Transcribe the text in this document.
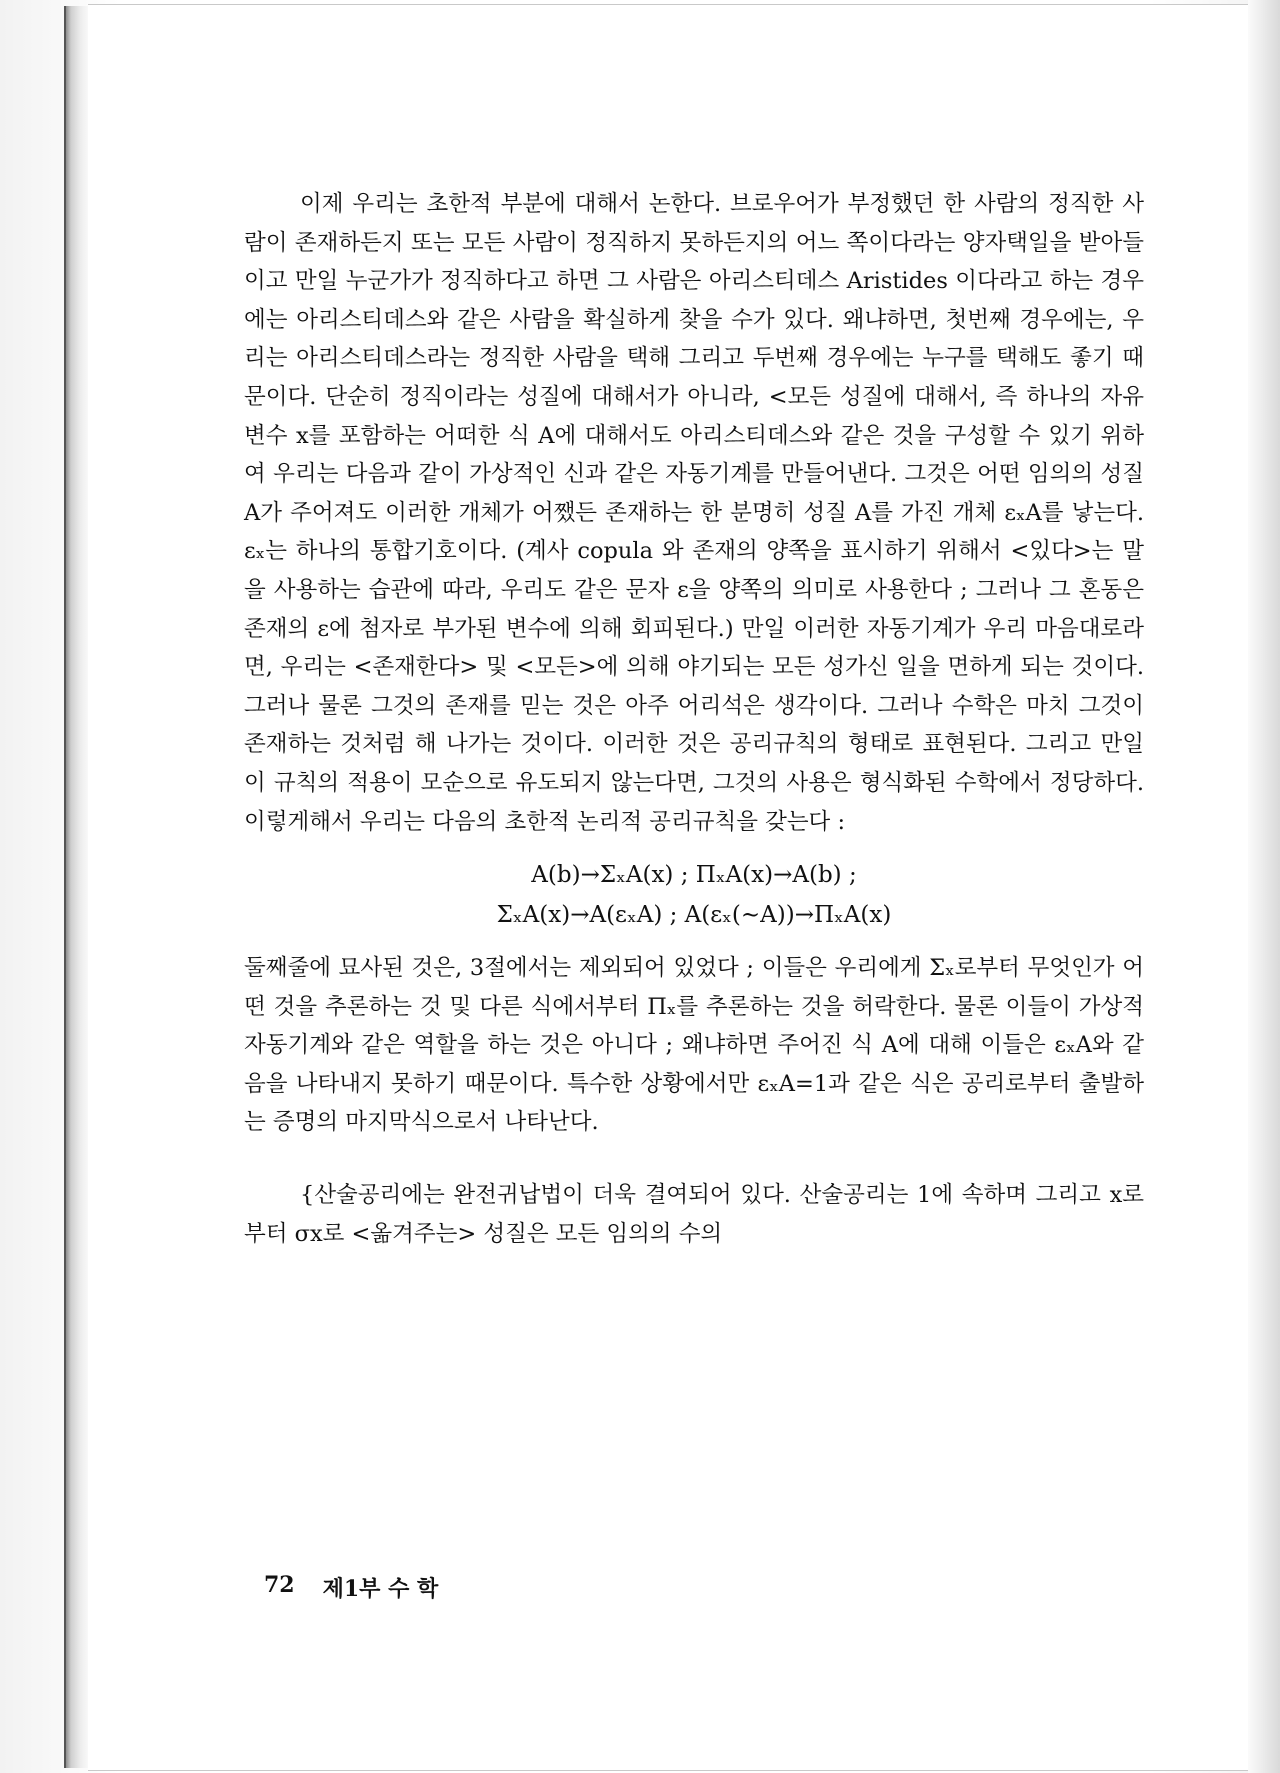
이제 우리는 초한적 부분에 대해서 논한다. 브로우어가 부정했던 한 사람의 정직한 사람이 존재하든지 또는 모든 사람이 정직하지 못하든지의 어느 쪽이다라는 양자택일을 받아들이고 만일 누군가가 정직하다고 하면 그 사람은 아리스티데스 Aristides 이다라고 하는 경우에는 아리스티데스와 같은 사람을 확실하게 찾을 수가 있다. 왜냐하면, 첫번째 경우에는, 우리는 아리스티데스라는 정직한 사람을 택해 그리고 두번째 경우에는 누구를 택해도 좋기 때문이다. 단순히 정직이라는 성질에 대해서가 아니라, <모든 성질에 대해서, 즉 하나의 자유변수 x를 포함하는 어떠한 식 A에 대해서도 아리스티데스와 같은 것을 구성할 수 있기 위하여 우리는 다음과 같이 가상적인 신과 같은 자동기계를 만들어낸다. 그것은 어떤 임의의 성질 A가 주어져도 이러한 개체가 어쨌든 존재하는 한 분명히 성질 A를 가진 개체 εₓA를 낳는다. εₓ는 하나의 통합기호이다. (계사 copula 와 존재의 양쪽을 표시하기 위해서 <있다>는 말을 사용하는 습관에 따라, 우리도 같은 문자 ε을 양쪽의 의미로 사용한다 ; 그러나 그 혼동은 존재의 ε에 첨자로 부가된 변수에 의해 회피된다.) 만일 이러한 자동기계가 우리 마음대로라면, 우리는 <존재한다> 및 <모든>에 의해 야기되는 모든 성가신 일을 면하게 되는 것이다. 그러나 물론 그것의 존재를 믿는 것은 아주 어리석은 생각이다. 그러나 수학은 마치 그것이 존재하는 것처럼 해 나가는 것이다. 이러한 것은 공리규칙의 형태로 표현된다. 그리고 만일 이 규칙의 적용이 모순으로 유도되지 않는다면, 그것의 사용은 형식화된 수학에서 정당하다. 이렇게해서 우리는 다음의 초한적 논리적 공리규칙을 갖는다 :

A(b)→ΣₓA(x) ; ΠₓA(x)→A(b) ;
ΣₓA(x)→A(εₓA) ; A(εₓ(∼A))→ΠₓA(x)

둘째줄에 묘사된 것은, 3절에서는 제외되어 있었다 ; 이들은 우리에게 Σₓ로부터 무엇인가 어떤 것을 추론하는 것 및 다른 식에서부터 Πₓ를 추론하는 것을 허락한다. 물론 이들이 가상적 자동기계와 같은 역할을 하는 것은 아니다 ; 왜냐하면 주어진 식 A에 대해 이들은 εₓA와 같음을 나타내지 못하기 때문이다. 특수한 상황에서만 εₓA=1과 같은 식은 공리로부터 출발하는 증명의 마지막식으로서 나타난다.

{산술공리에는 완전귀납법이 더욱 결여되어 있다. 산술공리는 1에 속하며 그리고 x로부터 σx로 <옮겨주는> 성질은 모든 임의의 수의

72 제1부 수 학
